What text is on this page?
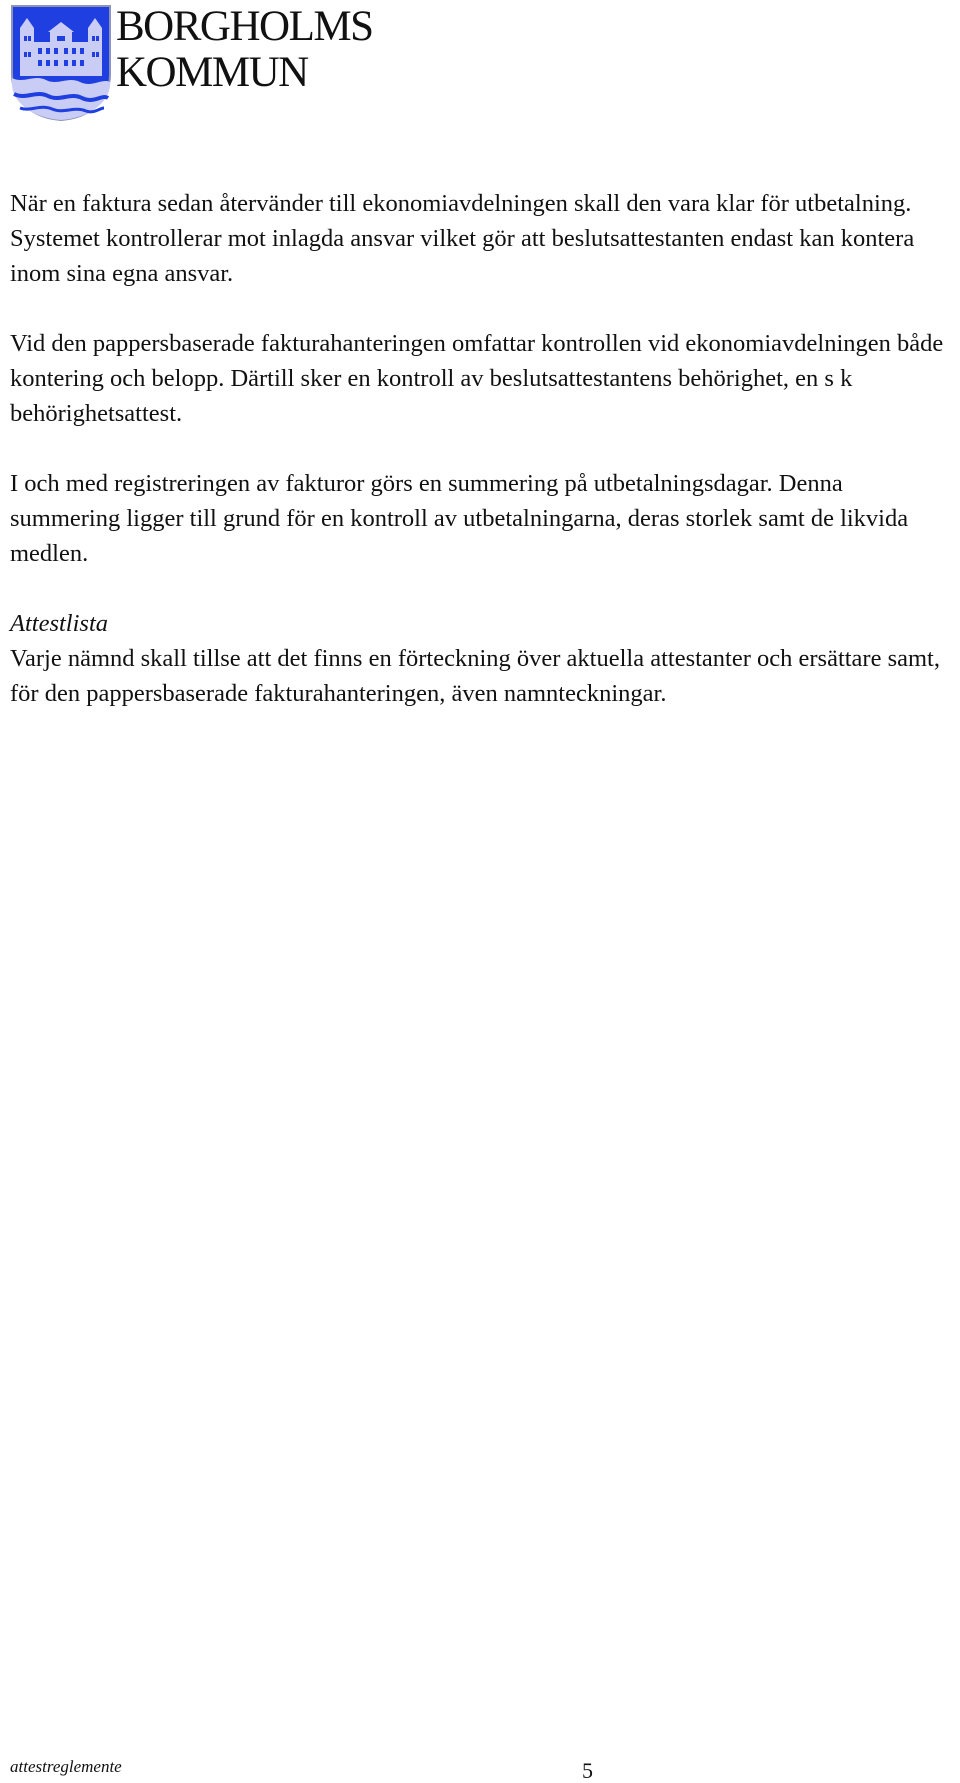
BORGHOLMS
KOMMUN

När en faktura sedan återvänder till ekonomiavdelningen skall den vara klar för utbetalning. Systemet kontrollerar mot inlagda ansvar vilket gör att beslutsattestanten endast kan kontera inom sina egna ansvar.

Vid den pappersbaserade fakturahanteringen omfattar kontrollen vid ekonomiavdelningen både kontering och belopp. Därtill sker en kontroll av beslutsattestantens behörighet, en s k behörighetsattest.

I och med registreringen av fakturor görs en summering på utbetalningsdagar. Denna summering ligger till grund för en kontroll av utbetalningarna, deras storlek samt de likvida medlen.

Attestlista
Varje nämnd skall tillse att det finns en förteckning över aktuella attestanter och ersättare samt, för den pappersbaserade fakturahanteringen, även namnteckningar.

attestreglemente	5
